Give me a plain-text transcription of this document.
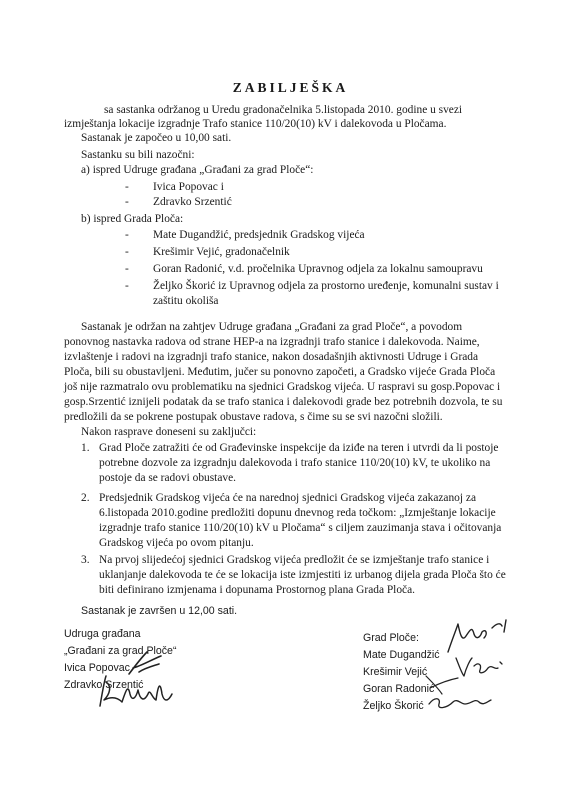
ZABILJEŠKA
sa sastanka održanog u Uredu gradonačelnika 5.listopada 2010. godine u svezi
izmještanja lokacije izgradnje Trafo stanice 110/20(10) kV i dalekovoda u Pločama.
Sastanak je započeo u 10,00 sati.
Sastanku su bili nazočni:
a) ispred Udruge građana „Građani za grad Ploče“:
- Ivica Popovac i
- Zdravko Srzentić
b) ispred Grada Ploča:
- Mate Dugandžić, predsjednik Gradskog vijeća
- Krešimir Vejić, gradonačelnik
- Goran Radonić, v.d. pročelnika Upravnog odjela za lokalnu samoupravu
- Željko Škorić iz Upravnog odjela za prostorno uređenje, komunalni sustav i
zaštitu okoliša
Sastanak je održan na zahtjev Udruge građana „Građani za grad Ploče“, a povodom
ponovnog nastavka radova od strane HEP-a na izgradnji trafo stanice i dalekovoda. Naime,
izvlaštenje i radovi na izgradnji trafo stanice, nakon dosadašnjih aktivnosti Udruge i Grada
Ploča, bili su obustavljeni. Međutim, jučer su ponovno započeti, a Gradsko vijeće Grada Ploča
još nije razmatralo ovu problematiku na sjednici Gradskog vijeća. U raspravi su gosp.Popovac i
gosp.Srzentić iznijeli podatak da se trafo stanica i dalekovodi grade bez potrebnih dozvola, te su
predložili da se pokrene postupak obustave radova, s čime su se svi nazočni složili.
Nakon rasprave doneseni su zaključci:
1. Grad Ploče zatražiti će od Građevinske inspekcije da iziđe na teren i utvrdi da li postoje
potrebne dozvole za izgradnju dalekovoda i trafo stanice 110/20(10) kV, te ukoliko na
postoje da se radovi obustave.
2. Predsjednik Gradskog vijeća će na narednoj sjednici Gradskog vijeća zakazanoj za
6.listopada 2010.godine predložiti dopunu dnevnog reda točkom: „Izmještanje lokacije
izgradnje trafo stanice 110/20(10) kV u Pločama“ s ciljem zauzimanja stava i očitovanja
Gradskog vijeća po ovom pitanju.
3. Na prvoj slijedećoj sjednici Gradskog vijeća predložit će se izmještanje trafo stanice i
uklanjanje dalekovoda te će se lokacija iste izmjestiti iz urbanog dijela grada Ploča što će
biti definirano izmjenama i dopunama Prostornog plana Grada Ploča.
Sastanak je završen u 12,00 sati.
Udruga građana
„Građani za grad Ploče“
Ivica Popovac
Zdravko Srzentić
Grad Ploče:
Mate Dugandžić
Krešimir Vejić
Goran Radonić
Željko Škorić
